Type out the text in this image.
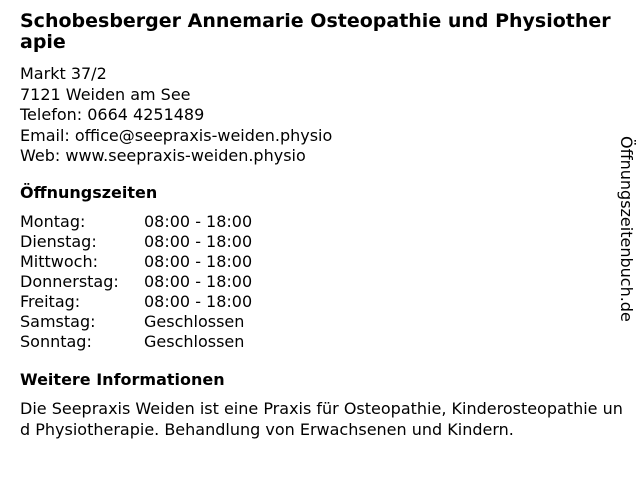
Schobesberger Annemarie Osteopathie und Physiotherapie
Markt 37/2
7121 Weiden am See
Telefon: 0664 4251489
Email: office@seepraxis-weiden.physio
Web: www.seepraxis-weiden.physio
Öffnungszeiten
Montag:	08:00 - 18:00
Dienstag:	08:00 - 18:00
Mittwoch:	08:00 - 18:00
Donnerstag:	08:00 - 18:00
Freitag:	08:00 - 18:00
Samstag:	Geschlossen
Sonntag:	Geschlossen
Weitere Informationen
Die Seepraxis Weiden ist eine Praxis für Osteopathie, Kinderosteopathie und Physiotherapie. Behandlung von Erwachsenen und Kindern.
Öffnungszeitenbuch.de
